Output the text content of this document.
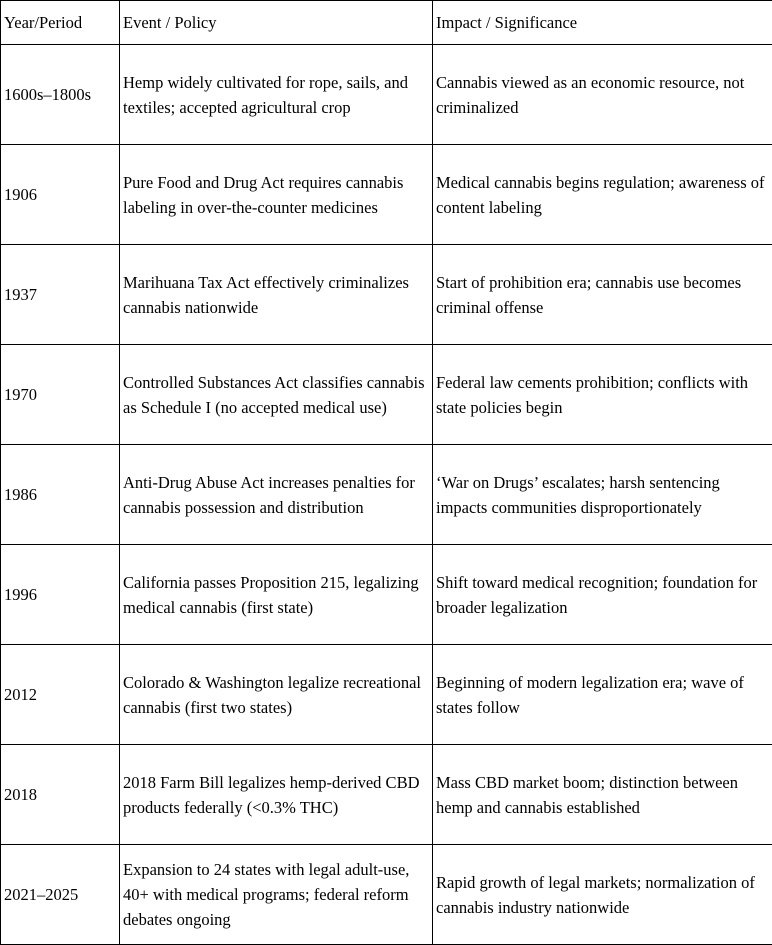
Year/Period	Event / Policy	Impact / Significance
1600s–1800s	Hemp widely cultivated for rope, sails, and textiles; accepted agricultural crop	Cannabis viewed as an economic resource, not criminalized
1906	Pure Food and Drug Act requires cannabis labeling in over-the-counter medicines	Medical cannabis begins regulation; awareness of content labeling
1937	Marihuana Tax Act effectively criminalizes cannabis nationwide	Start of prohibition era; cannabis use becomes criminal offense
1970	Controlled Substances Act classifies cannabis as Schedule I (no accepted medical use)	Federal law cements prohibition; conflicts with state policies begin
1986	Anti-Drug Abuse Act increases penalties for cannabis possession and distribution	‘War on Drugs’ escalates; harsh sentencing impacts communities disproportionately
1996	California passes Proposition 215, legalizing medical cannabis (first state)	Shift toward medical recognition; foundation for broader legalization
2012	Colorado & Washington legalize recreational cannabis (first two states)	Beginning of modern legalization era; wave of states follow
2018	2018 Farm Bill legalizes hemp-derived CBD products federally (<0.3% THC)	Mass CBD market boom; distinction between hemp and cannabis established
2021–2025	Expansion to 24 states with legal adult-use, 40+ with medical programs; federal reform debates ongoing	Rapid growth of legal markets; normalization of cannabis industry nationwide
